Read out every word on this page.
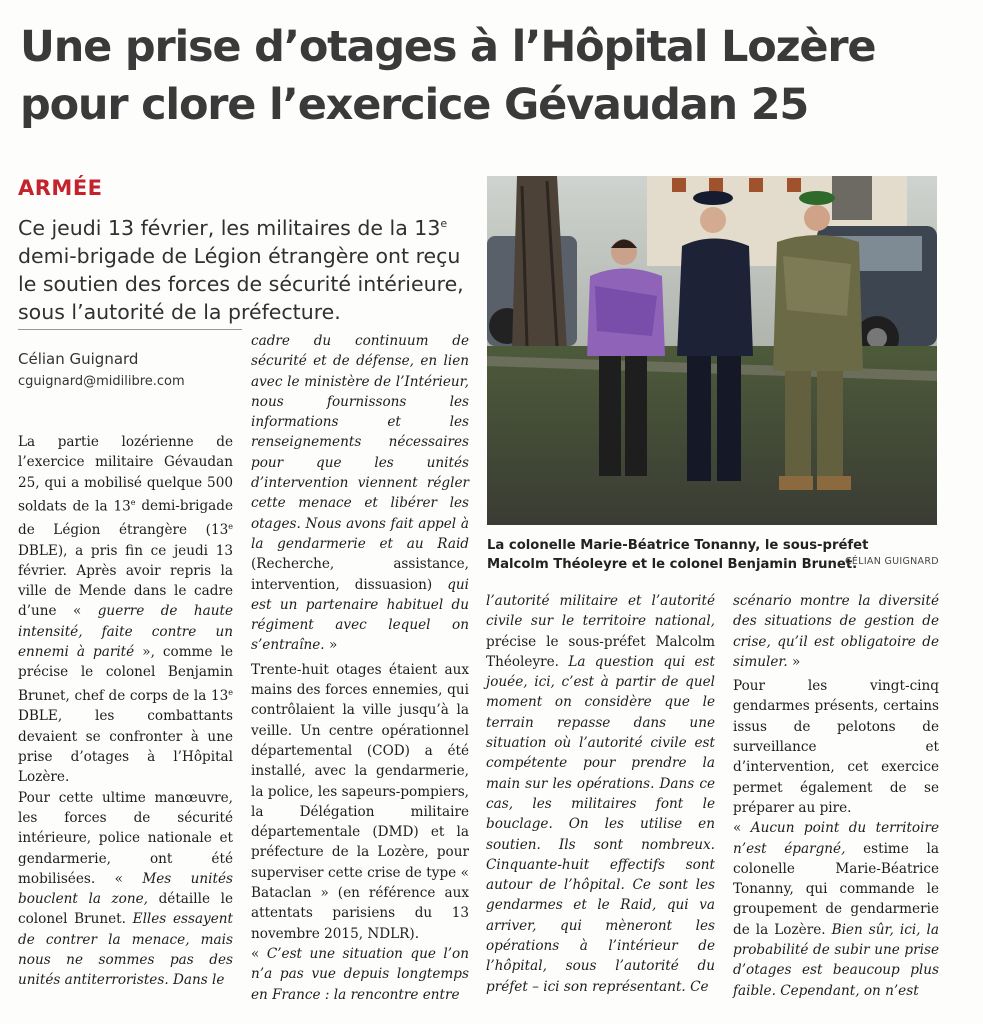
Une prise d’otages à l’Hôpital Lozère
pour clore l’exercice Gévaudan 25
ARMÉE
Ce jeudi 13 février, les militaires de la 13e demi-brigade de Légion étrangère ont reçu le soutien des forces de sécurité intérieure, sous l’autorité de la préfecture.
Célian Guignard
cguignard@midilibre.com

La partie lozérienne de l’exercice militaire Gévaudan 25, qui a mobilisé quelque 500 soldats de la 13e demi-brigade de Légion étrangère (13e DBLE), a pris fin ce jeudi 13 février. Après avoir repris la ville de Mende dans le cadre d’une « guerre de haute intensité, faite contre un ennemi à parité », comme le précise le colonel Benjamin Brunet, chef de corps de la 13e DBLE, les combattants devaient se confronter à une prise d’otages à l’Hôpital Lozère.

Pour cette ultime manœuvre, les forces de sécurité intérieure, police nationale et gendarmerie, ont été mobilisées. « Mes unités bouclent la zone, détaille le colonel Brunet. Elles essayent de contrer la menace, mais nous ne sommes pas des unités antiterroristes. Dans le

cadre du continuum de sécurité et de défense, en lien avec le ministère de l’Intérieur, nous fournissons les informations et les renseignements nécessaires pour que les unités d’intervention viennent régler cette menace et libérer les otages. Nous avons fait appel à la gendarmerie et au Raid (Recherche, assistance, intervention, dissuasion) qui est un partenaire habituel du régiment avec lequel on s’entraîne. »

Trente-huit otages étaient aux mains des forces ennemies, qui contrôlaient la ville jusqu’à la veille. Un centre opérationnel départemental (COD) a été installé, avec la gendarmerie, la police, les sapeurs-pompiers, la Délégation militaire départementale (DMD) et la préfecture de la Lozère, pour superviser cette crise de type « Bataclan » (en référence aux attentats parisiens du 13 novembre 2015, NDLR).

« C’est une situation que l’on n’a pas vue depuis longtemps en France : la rencontre entre

l’autorité militaire et l’autorité civile sur le territoire national, précise le sous-préfet Malcolm Théoleyre. La question qui est jouée, ici, c’est à partir de quel moment on considère que le terrain repasse dans une situation où l’autorité civile est compétente pour prendre la main sur les opérations. Dans ce cas, les militaires font le bouclage. On les utilise en soutien. Ils sont nombreux. Cinquante-huit effectifs sont autour de l’hôpital. Ce sont les gendarmes et le Raid, qui va arriver, qui mèneront les opérations à l’intérieur de l’hôpital, sous l’autorité du préfet – ici son représentant. Ce

scénario montre la diversité des situations de gestion de crise, qu’il est obligatoire de simuler. »

Pour les vingt-cinq gendarmes présents, certains issus de pelotons de surveillance et d’intervention, cet exercice permet également de se préparer au pire.

« Aucun point du territoire n’est épargné, estime la colonelle Marie-Béatrice Tonanny, qui commande le groupement de gendarmerie de la Lozère. Bien sûr, ici, la probabilité de subir une prise d’otages est beaucoup plus faible. Cependant, on n’est

La colonelle Marie-Béatrice Tonanny, le sous-préfet Malcolm Théoleyre et le colonel Benjamin Brunet.
CÉLIAN GUIGNARD
